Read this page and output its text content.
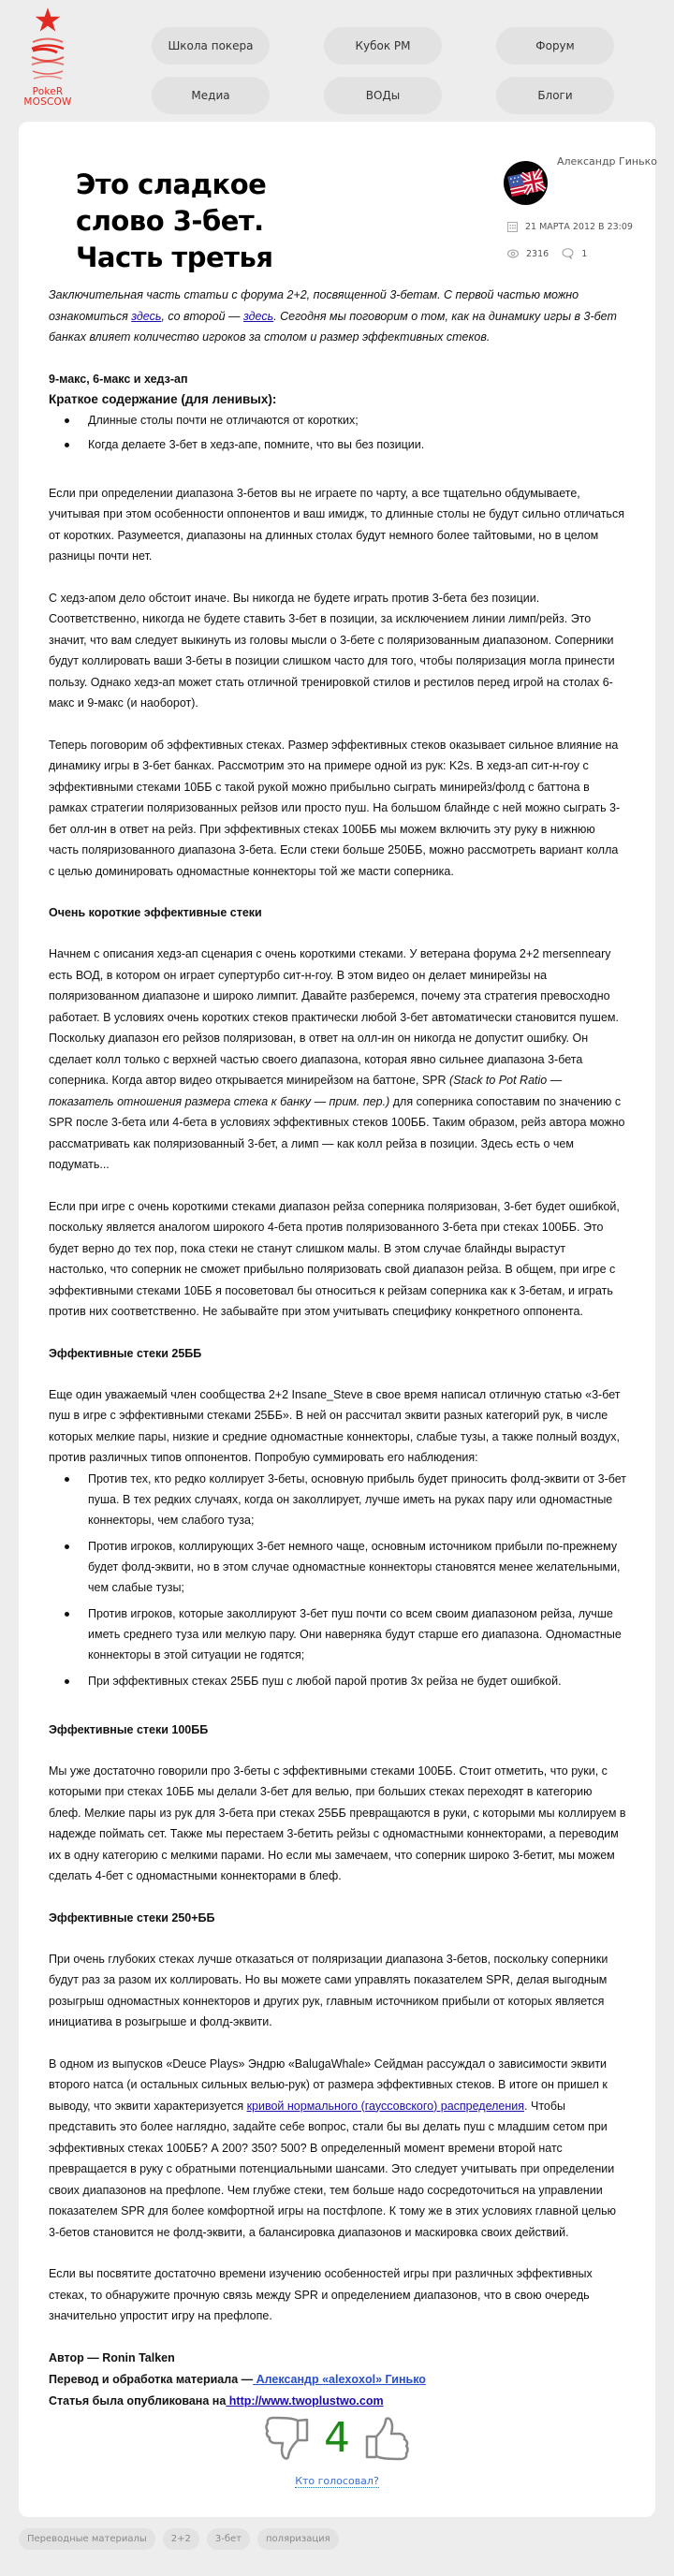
PokeR
MOSCOW
Школа покера	Кубок PM	Форум
Медиа	ВОДы	Блоги
Это сладкое слово 3-бет. Часть третья
Александр Гинько
21 МАРТА 2012 В 23:09
2316	1

Заключительная часть статьи с форума 2+2, посвященной 3-бетам. С первой частью можно ознакомиться здесь, со второй — здесь. Сегодня мы поговорим о том, как на динамику игры в 3-бет банках влияет количество игроков за столом и размер эффективных стеков.

9-макс, 6-макс и хедз-ап
Краткое содержание (для ленивых):
Длинные столы почти не отличаются от коротких;
Когда делаете 3-бет в хедз-апе, помните, что вы без позиции.

Если при определении диапазона 3-бетов вы не играете по чарту, а все тщательно обдумываете, учитывая при этом особенности оппонентов и ваш имидж, то длинные столы не будут сильно отличаться от коротких. Разумеется, диапазоны на длинных столах будут немного более тайтовыми, но в целом разницы почти нет.

С хедз-апом дело обстоит иначе. Вы никогда не будете играть против 3-бета без позиции. Соответственно, никогда не будете ставить 3-бет в позиции, за исключением линии лимп/рейз. Это значит, что вам следует выкинуть из головы мысли о 3-бете с поляризованным диапазоном. Соперники будут коллировать ваши 3-беты в позиции слишком часто для того, чтобы поляризация могла принести пользу. Однако хедз-ап может стать отличной тренировкой стилов и рестилов перед игрой на столах 6-макс и 9-макс (и наоборот).

Теперь поговорим об эффективных стеках. Размер эффективных стеков оказывает сильное влияние на динамику игры в 3-бет банках. Рассмотрим это на примере одной из рук: K2s. В хедз-ап сит-н-гоу с эффективными стеками 10ББ с такой рукой можно прибыльно сыграть минирейз/фолд с баттона в рамках стратегии поляризованных рейзов или просто пуш. На большом блайнде с ней можно сыграть 3-бет олл-ин в ответ на рейз. При эффективных стеках 100ББ мы можем включить эту руку в нижнюю часть поляризованного диапазона 3-бета. Если стеки больше 250ББ, можно рассмотреть вариант колла с целью доминировать одномастные коннекторы той же масти соперника.

Очень короткие эффективные стеки

Начнем с описания хедз-ап сценария с очень короткими стеками. У ветерана форума 2+2 mersenneary есть ВОД, в котором он играет супертурбо сит-н-гоу. В этом видео он делает минирейзы на поляризованном диапазоне и широко лимпит. Давайте разберемся, почему эта стратегия превосходно работает. В условиях очень коротких стеков практически любой 3-бет автоматически становится пушем. Поскольку диапазон его рейзов поляризован, в ответ на олл-ин он никогда не допустит ошибку. Он сделает колл только с верхней частью своего диапазона, которая явно сильнее диапазона 3-бета соперника. Когда автор видео открывается минирейзом на баттоне, SPR (Stack to Pot Ratio — показатель отношения размера стека к банку — прим. пер.) для соперника сопоставим по значению с SPR после 3-бета или 4-бета в условиях эффективных стеков 100ББ. Таким образом, рейз автора можно рассматривать как поляризованный 3-бет, а лимп — как колл рейза в позиции. Здесь есть о чем подумать...

Если при игре с очень короткими стеками диапазон рейза соперника поляризован, 3-бет будет ошибкой, поскольку является аналогом широкого 4-бета против поляризованного 3-бета при стеках 100ББ. Это будет верно до тех пор, пока стеки не станут слишком малы. В этом случае блайнды вырастут настолько, что соперник не сможет прибыльно поляризовать свой диапазон рейза. В общем, при игре с эффективными стеками 10ББ я посоветовал бы относиться к рейзам соперника как к 3-бетам, и играть против них соответственно. Не забывайте при этом учитывать специфику конкретного оппонента.

Эффективные стеки 25ББ

Еще один уважаемый член сообщества 2+2 Insane_Steve в свое время написал отличную статью «3-бет пуш в игре с эффективными стеками 25ББ». В ней он рассчитал эквити разных категорий рук, в числе которых мелкие пары, низкие и средние одномастные коннекторы, слабые тузы, а также полный воздух, против различных типов оппонентов. Попробую суммировать его наблюдения:

Против тех, кто редко коллирует 3-беты, основную прибыль будет приносить фолд-эквити от 3-бет пуша. В тех редких случаях, когда он заколлирует, лучше иметь на руках пару или одномастные коннекторы, чем слабого туза;
Против игроков, коллирующих 3-бет немного чаще, основным источником прибыли по-прежнему будет фолд-эквити, но в этом случае одномастные коннекторы становятся менее желательными, чем слабые тузы;
Против игроков, которые заколлируют 3-бет пуш почти со всем своим диапазоном рейза, лучше иметь среднего туза или мелкую пару. Они наверняка будут старше его диапазона. Одномастные коннекторы в этой ситуации не годятся;
При эффективных стеках 25ББ пуш с любой парой против 3х рейза не будет ошибкой.
Эффективные стеки 100ББ

Мы уже достаточно говорили про 3-беты с эффективными стеками 100ББ. Стоит отметить, что руки, с которыми при стеках 10ББ мы делали 3-бет для велью, при больших стеках переходят в категорию блеф. Мелкие пары из рук для 3-бета при стеках 25ББ превращаются в руки, с которыми мы коллируем в надежде поймать сет. Также мы перестаем 3-бетить рейзы с одномастными коннекторами, а переводим их в одну категорию с мелкими парами. Но если мы замечаем, что соперник широко 3-бетит, мы можем сделать 4-бет с одномастными коннекторами в блеф.

Эффективные стеки 250+ББ

При очень глубоких стеках лучше отказаться от поляризации диапазона 3-бетов, поскольку соперники будут раз за разом их коллировать. Но вы можете сами управлять показателем SPR, делая выгодным розыгрыш одномастных коннекторов и других рук, главным источником прибыли от которых является инициатива в розыгрыше и фолд-эквити.

В одном из выпусков «Deuce Plays» Эндрю «BalugaWhale» Сейдман рассуждал о зависимости эквити второго натса (и остальных сильных велью-рук) от размера эффективных стеков. В итоге он пришел к выводу, что эквити характеризуется кривой нормального (гауссовского) распределения. Чтобы представить это более наглядно, задайте себе вопрос, стали бы вы делать пуш с младшим сетом при эффективных стеках 100ББ? А 200? 350? 500? В определенный момент времени второй натс превращается в руку с обратными потенциальными шансами. Это следует учитывать при определении своих диапазонов на префлопе. Чем глубже стеки, тем больше надо сосредоточиться на управлении показателем SPR для более комфортной игры на постфлопе. К тому же в этих условиях главной целью 3-бетов становится не фолд-эквити, а балансировка диапазонов и маскировка своих действий.

Если вы посвятите достаточно времени изучению особенностей игры при различных эффективных стеках, то обнаружите прочную связь между SPR и определением диапазонов, что в свою очередь значительно упростит игру на префлопе.

Автор — Ronin Talken

Перевод и обработка материала — Александр «alexoxol» Гинько

Статья была опубликована на http://www.twoplustwo.com

4
Кто голосовал?
Переводные материалы	2+2	3-бет	поляризация
